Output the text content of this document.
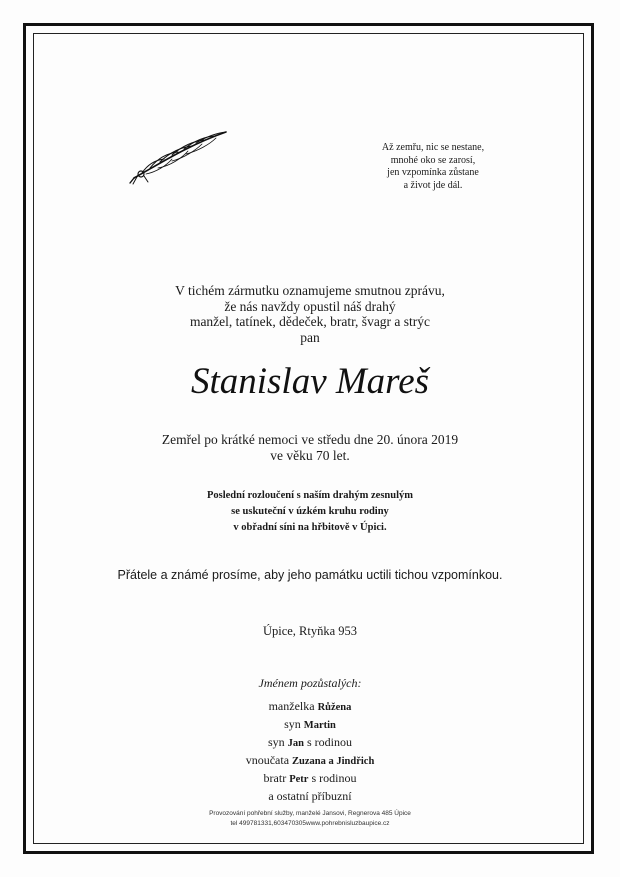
Až zemřu, nic se nestane,
mnohé oko se zarosí,
jen vzpomínka zůstane
a život jde dál.
V tichém zármutku oznamujeme smutnou zprávu,
že nás navždy opustil náš drahý
manžel, tatínek, dědeček, bratr, švagr a strýc
pan
Stanislav Mareš
Zemřel po krátké nemoci ve středu dne 20. února 2019
ve věku 70 let.
Poslední rozloučení s naším drahým zesnulým
se uskuteční v úzkém kruhu rodiny
v obřadní síni na hřbitově v Úpici.
Přátele a známé prosíme, aby jeho památku uctili tichou vzpomínkou.
Úpice, Rtyňka 953
Jménem pozůstalých:
manželka Růžena
syn Martin
syn Jan s rodinou
vnoučata Zuzana a Jindřich
bratr Petr s rodinou
a ostatní příbuzní
Provozování pohřební služby, manželé Jansovi, Regnerova 485 Úpice
tel 499781331,603470305www.pohrebnisluzbaupice.cz
